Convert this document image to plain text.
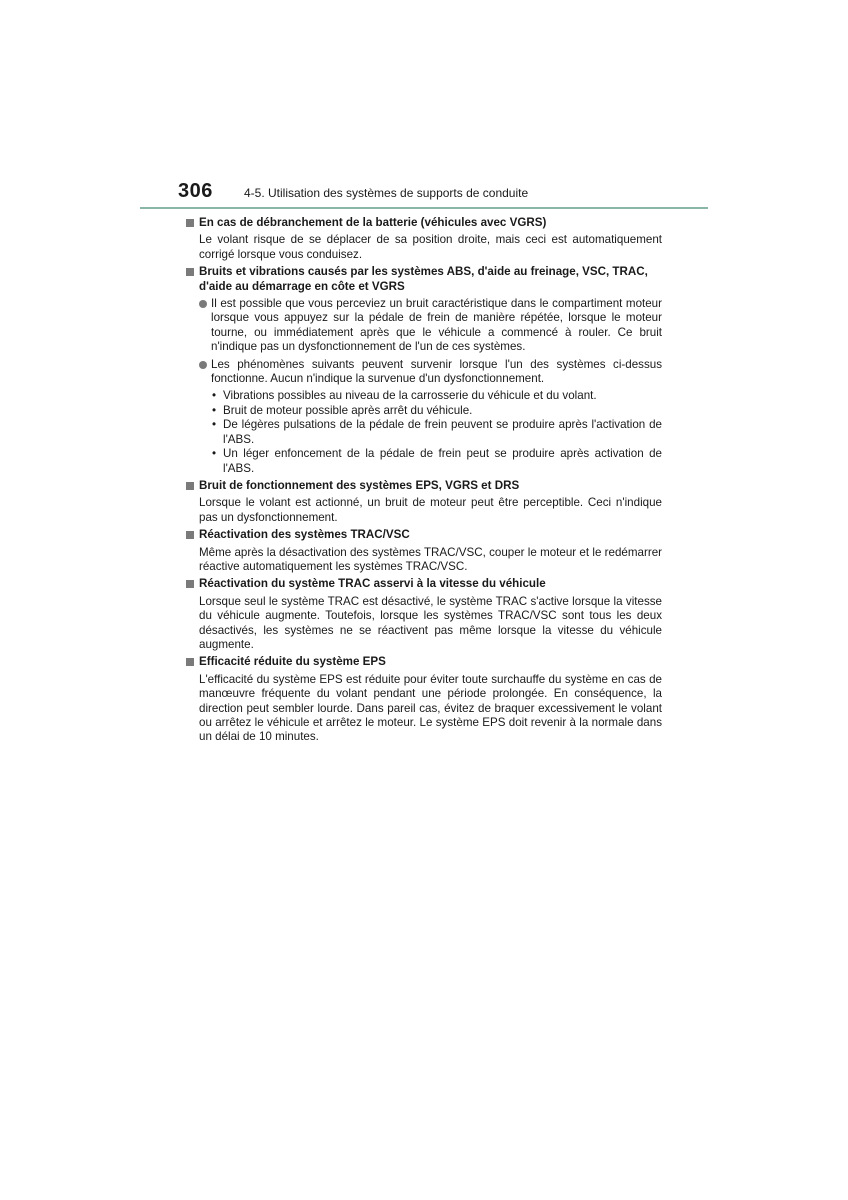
306	4-5. Utilisation des systèmes de supports de conduite
En cas de débranchement de la batterie (véhicules avec VGRS)
Le volant risque de se déplacer de sa position droite, mais ceci est automatiquement corrigé lorsque vous conduisez.
Bruits et vibrations causés par les systèmes ABS, d'aide au freinage, VSC, TRAC, d'aide au démarrage en côte et VGRS
Il est possible que vous perceviez un bruit caractéristique dans le compartiment moteur lorsque vous appuyez sur la pédale de frein de manière répétée, lorsque le moteur tourne, ou immédiatement après que le véhicule a commencé à rouler. Ce bruit n'indique pas un dysfonctionnement de l'un de ces systèmes.
Les phénomènes suivants peuvent survenir lorsque l'un des systèmes ci-dessus fonctionne. Aucun n'indique la survenue d'un dysfonctionnement.
• Vibrations possibles au niveau de la carrosserie du véhicule et du volant.
• Bruit de moteur possible après arrêt du véhicule.
• De légères pulsations de la pédale de frein peuvent se produire après l'activation de l'ABS.
• Un léger enfoncement de la pédale de frein peut se produire après activation de l'ABS.
Bruit de fonctionnement des systèmes EPS, VGRS et DRS
Lorsque le volant est actionné, un bruit de moteur peut être perceptible. Ceci n'indique pas un dysfonctionnement.
Réactivation des systèmes TRAC/VSC
Même après la désactivation des systèmes TRAC/VSC, couper le moteur et le redémarrer réactive automatiquement les systèmes TRAC/VSC.
Réactivation du système TRAC asservi à la vitesse du véhicule
Lorsque seul le système TRAC est désactivé, le système TRAC s'active lorsque la vitesse du véhicule augmente. Toutefois, lorsque les systèmes TRAC/VSC sont tous les deux désactivés, les systèmes ne se réactivent pas même lorsque la vitesse du véhicule augmente.
Efficacité réduite du système EPS
L'efficacité du système EPS est réduite pour éviter toute surchauffe du système en cas de manœuvre fréquente du volant pendant une période prolongée. En conséquence, la direction peut sembler lourde. Dans pareil cas, évitez de braquer excessivement le volant ou arrêtez le véhicule et arrêtez le moteur. Le système EPS doit revenir à la normale dans un délai de 10 minutes.
